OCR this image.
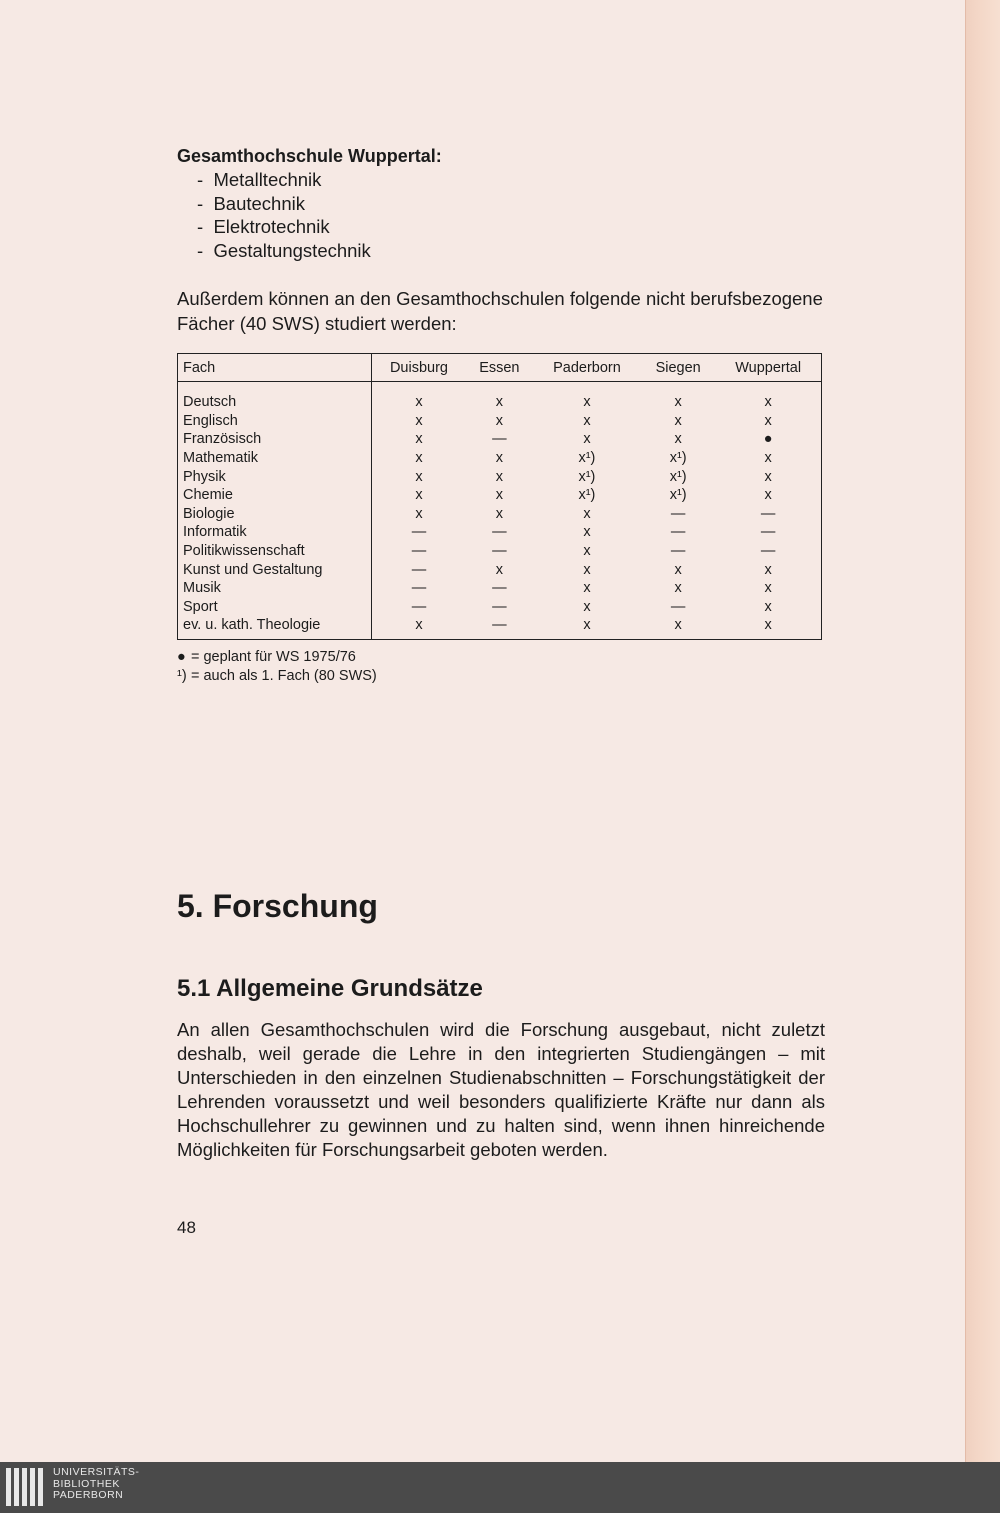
Gesamthochschule Wuppertal:
-  Metalltechnik
-  Bautechnik
-  Elektrotechnik
-  Gestaltungstechnik

Außerdem können an den Gesamthochschulen folgende nicht berufsbezogene Fächer (40 SWS) studiert werden:

Fach	Duisburg	Essen	Paderborn	Siegen	Wuppertal
Deutsch	x	x	x	x	x
Englisch	x	x	x	x	x
Französisch	x	—	x	x	●
Mathematik	x	x	x¹)	x¹)	x
Physik	x	x	x¹)	x¹)	x
Chemie	x	x	x¹)	x¹)	x
Biologie	x	x	x	—	—
Informatik	—	—	x	—	—
Politikwissenschaft	—	—	x	—	—
Kunst und Gestaltung	—	x	x	x	x
Musik	—	—	x	x	x
Sport	—	—	x	—	x
ev. u. kath. Theologie	x	—	x	x	x
● = geplant für WS 1975/76
¹) = auch als 1. Fach (80 SWS)
5. Forschung
5.1 Allgemeine Grundsätze

An allen Gesamthochschulen wird die Forschung ausgebaut, nicht zuletzt deshalb, weil gerade die Lehre in den integrierten Studiengängen – mit Unterschieden in den einzelnen Studienabschnitten – Forschungstätigkeit der Lehrenden voraussetzt und weil besonders qualifizierte Kräfte nur dann als Hochschullehrer zu gewinnen und zu halten sind, wenn ihnen hinreichende Möglichkeiten für Forschungsarbeit geboten werden.

48
UNIVERSITÄTS-
BIBLIOTHEK
PADERBORN
